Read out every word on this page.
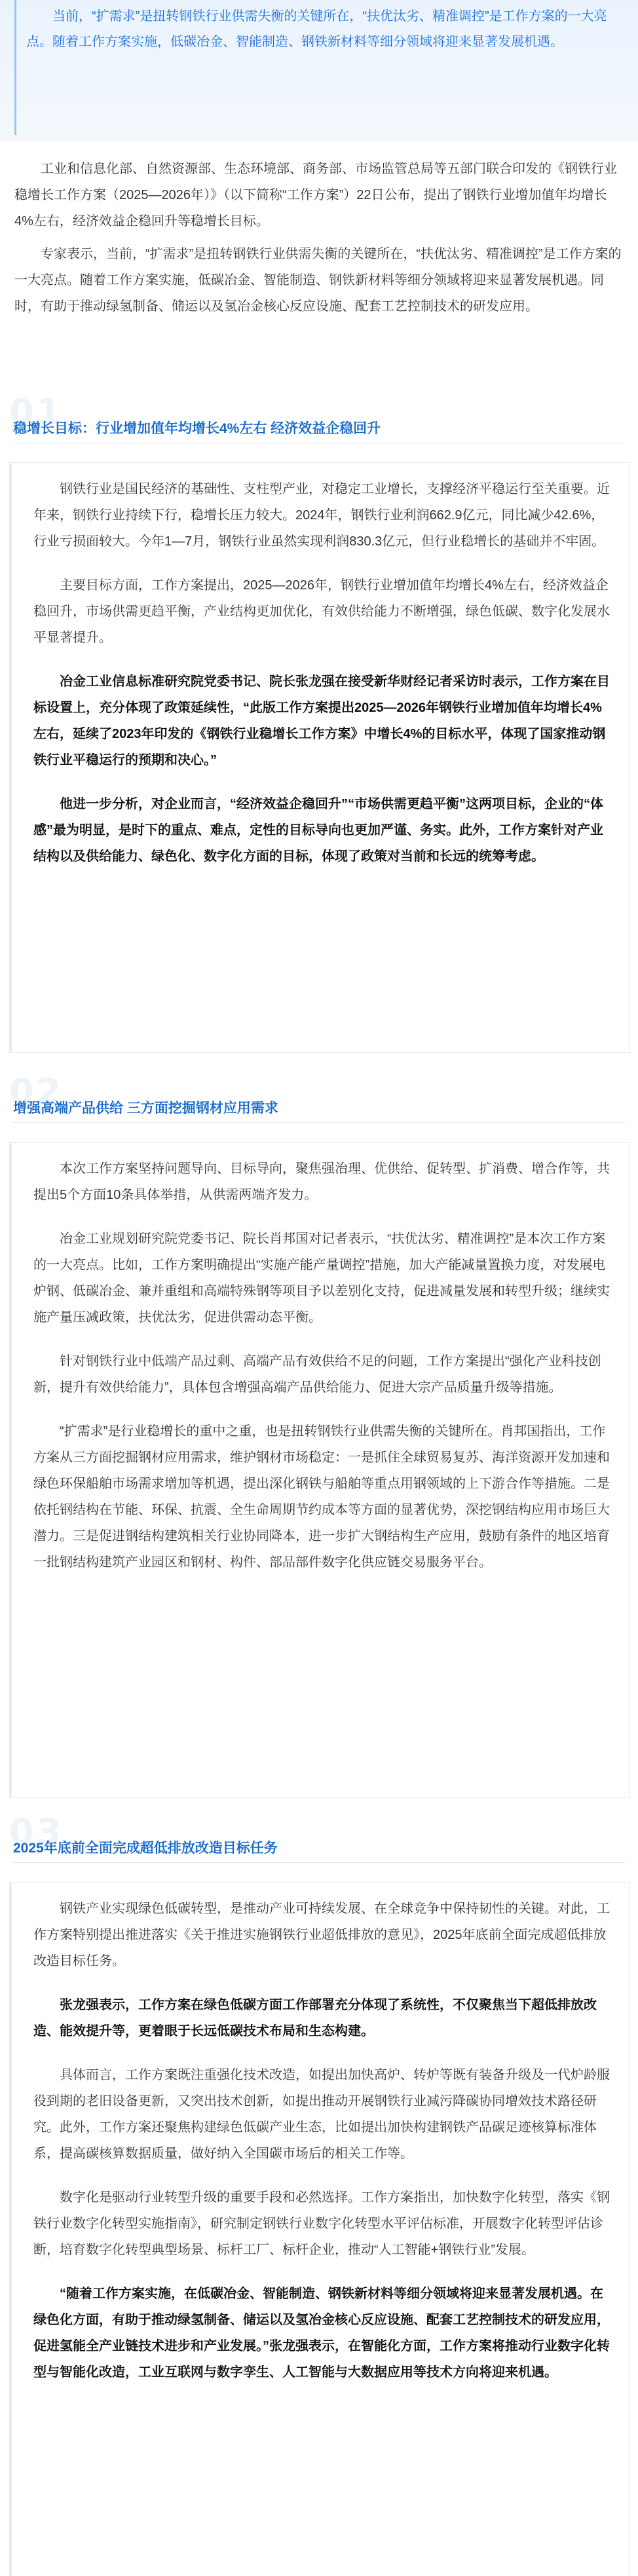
当前，“扩需求”是扭转钢铁行业供需失衡的关键所在，“扶优汰劣、精准调控”是工作方案的一大亮点。随着工作方案实施，低碳冶金、智能制造、钢铁新材料等细分领域将迎来显著发展机遇。

工业和信息化部、自然资源部、生态环境部、商务部、市场监管总局等五部门联合印发的《钢铁行业稳增长工作方案（2025—2026年）》（以下简称“工作方案”）22日公布，提出了钢铁行业增加值年均增长4%左右，经济效益企稳回升等稳增长目标。

专家表示，当前，“扩需求”是扭转钢铁行业供需失衡的关键所在，“扶优汰劣、精准调控”是工作方案的一大亮点。随着工作方案实施，低碳冶金、智能制造、钢铁新材料等细分领域将迎来显著发展机遇。同时，有助于推动绿氢制备、储运以及氢冶金核心反应设施、配套工艺控制技术的研发应用。

01
稳增长目标：行业增加值年均增长4%左右 经济效益企稳回升

钢铁行业是国民经济的基础性、支柱型产业，对稳定工业增长，支撑经济平稳运行至关重要。近年来，钢铁行业持续下行，稳增长压力较大。2024年，钢铁行业利润662.9亿元，同比减少42.6%，行业亏损面较大。今年1—7月，钢铁行业虽然实现利润830.3亿元，但行业稳增长的基础并不牢固。

主要目标方面，工作方案提出，2025—2026年，钢铁行业增加值年均增长4%左右，经济效益企稳回升，市场供需更趋平衡，产业结构更加优化，有效供给能力不断增强，绿色低碳、数字化发展水平显著提升。

冶金工业信息标准研究院党委书记、院长张龙强在接受新华财经记者采访时表示，工作方案在目标设置上，充分体现了政策延续性，“此版工作方案提出2025—2026年钢铁行业增加值年均增长4%左右，延续了2023年印发的《钢铁行业稳增长工作方案》中增长4%的目标水平，体现了国家推动钢铁行业平稳运行的预期和决心。”

他进一步分析，对企业而言，“经济效益企稳回升”“市场供需更趋平衡”这两项目标，企业的“体感”最为明显，是时下的重点、难点，定性的目标导向也更加严谨、务实。此外，工作方案针对产业结构以及供给能力、绿色化、数字化方面的目标，体现了政策对当前和长远的统筹考虑。

02
增强高端产品供给 三方面挖掘钢材应用需求

本次工作方案坚持问题导向、目标导向，聚焦强治理、优供给、促转型、扩消费、增合作等，共提出5个方面10条具体举措，从供需两端齐发力。

冶金工业规划研究院党委书记、院长肖邦国对记者表示，“扶优汰劣、精准调控”是本次工作方案的一大亮点。比如，工作方案明确提出“实施产能产量调控”措施，加大产能减量置换力度，对发展电炉钢、低碳冶金、兼并重组和高端特殊钢等项目予以差别化支持，促进减量发展和转型升级；继续实施产量压减政策，扶优汰劣，促进供需动态平衡。

针对钢铁行业中低端产品过剩、高端产品有效供给不足的问题，工作方案提出“强化产业科技创新，提升有效供给能力”，具体包含增强高端产品供给能力、促进大宗产品质量升级等措施。

“扩需求”是行业稳增长的重中之重，也是扭转钢铁行业供需失衡的关键所在。肖邦国指出，工作方案从三方面挖掘钢材应用需求，维护钢材市场稳定：一是抓住全球贸易复苏、海洋资源开发加速和绿色环保船舶市场需求增加等机遇，提出深化钢铁与船舶等重点用钢领域的上下游合作等措施。二是依托钢结构在节能、环保、抗震、全生命周期节约成本等方面的显著优势，深挖钢结构应用市场巨大潜力。三是促进钢结构建筑相关行业协同降本，进一步扩大钢结构生产应用，鼓励有条件的地区培育一批钢结构建筑产业园区和钢材、构件、部品部件数字化供应链交易服务平台。

03
2025年底前全面完成超低排放改造目标任务

钢铁产业实现绿色低碳转型，是推动产业可持续发展、在全球竞争中保持韧性的关键。对此，工作方案特别提出推进落实《关于推进实施钢铁行业超低排放的意见》，2025年底前全面完成超低排放改造目标任务。

张龙强表示，工作方案在绿色低碳方面工作部署充分体现了系统性，不仅聚焦当下超低排放改造、能效提升等，更着眼于长远低碳技术布局和生态构建。

具体而言，工作方案既注重强化技术改造，如提出加快高炉、转炉等既有装备升级及一代炉龄服役到期的老旧设备更新，又突出技术创新，如提出推动开展钢铁行业减污降碳协同增效技术路径研究。此外，工作方案还聚焦构建绿色低碳产业生态，比如提出加快构建钢铁产品碳足迹核算标准体系，提高碳核算数据质量，做好纳入全国碳市场后的相关工作等。

数字化是驱动行业转型升级的重要手段和必然选择。工作方案指出，加快数字化转型，落实《钢铁行业数字化转型实施指南》，研究制定钢铁行业数字化转型水平评估标准，开展数字化转型评估诊断，培育数字化转型典型场景、标杆工厂、标杆企业，推动“人工智能+钢铁行业”发展。

“随着工作方案实施，在低碳冶金、智能制造、钢铁新材料等细分领域将迎来显著发展机遇。在绿色化方面，有助于推动绿氢制备、储运以及氢冶金核心反应设施、配套工艺控制技术的研发应用，促进氢能全产业链技术进步和产业发展。”张龙强表示，在智能化方面，工作方案将推动行业数字化转型与智能化改造，工业互联网与数字孪生、人工智能与大数据应用等技术方向将迎来机遇。
